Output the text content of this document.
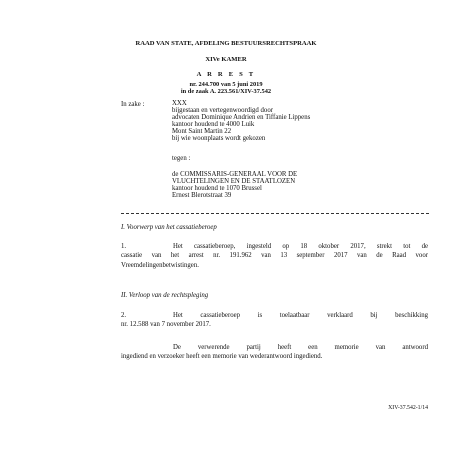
RAAD VAN STATE, AFDELING BESTUURSRECHTSPRAAK
XIVe KAMER
A R R E S T
nr. 244.700 van 5 juni 2019
in de zaak A. 223.561/XIV-37.542
In zake :	XXX
bijgestaan en vertegenwoordigd door
advocaten Dominique Andrien en Tiffanie Lippens
kantoor houdend te 4000 Luik
Mont Saint Martin 22
bij wie woonplaats wordt gekozen
tegen :
de COMMISSARIS-GENERAAL VOOR DE
VLUCHTELINGEN EN DE STAATLOZEN
kantoor houdend te 1070 Brussel
Ernest Blerotstraat 39
I. Voorwerp van het cassatieberoep
1.	Het cassatieberoep, ingesteld op 18 oktober 2017, strekt tot de
cassatie van het arrest nr. 191.962 van 13 september 2017 van de Raad voor
Vreemdelingenbetwistingen.
II. Verloop van de rechtspleging
2.	Het cassatieberoep is toelaatbaar verklaard bij beschikking
nr. 12.588 van 7 november 2017.
De verwerende partij heeft een memorie van antwoord
ingediend en verzoeker heeft een memorie van wederantwoord ingediend.
XIV-37.542-1/14
